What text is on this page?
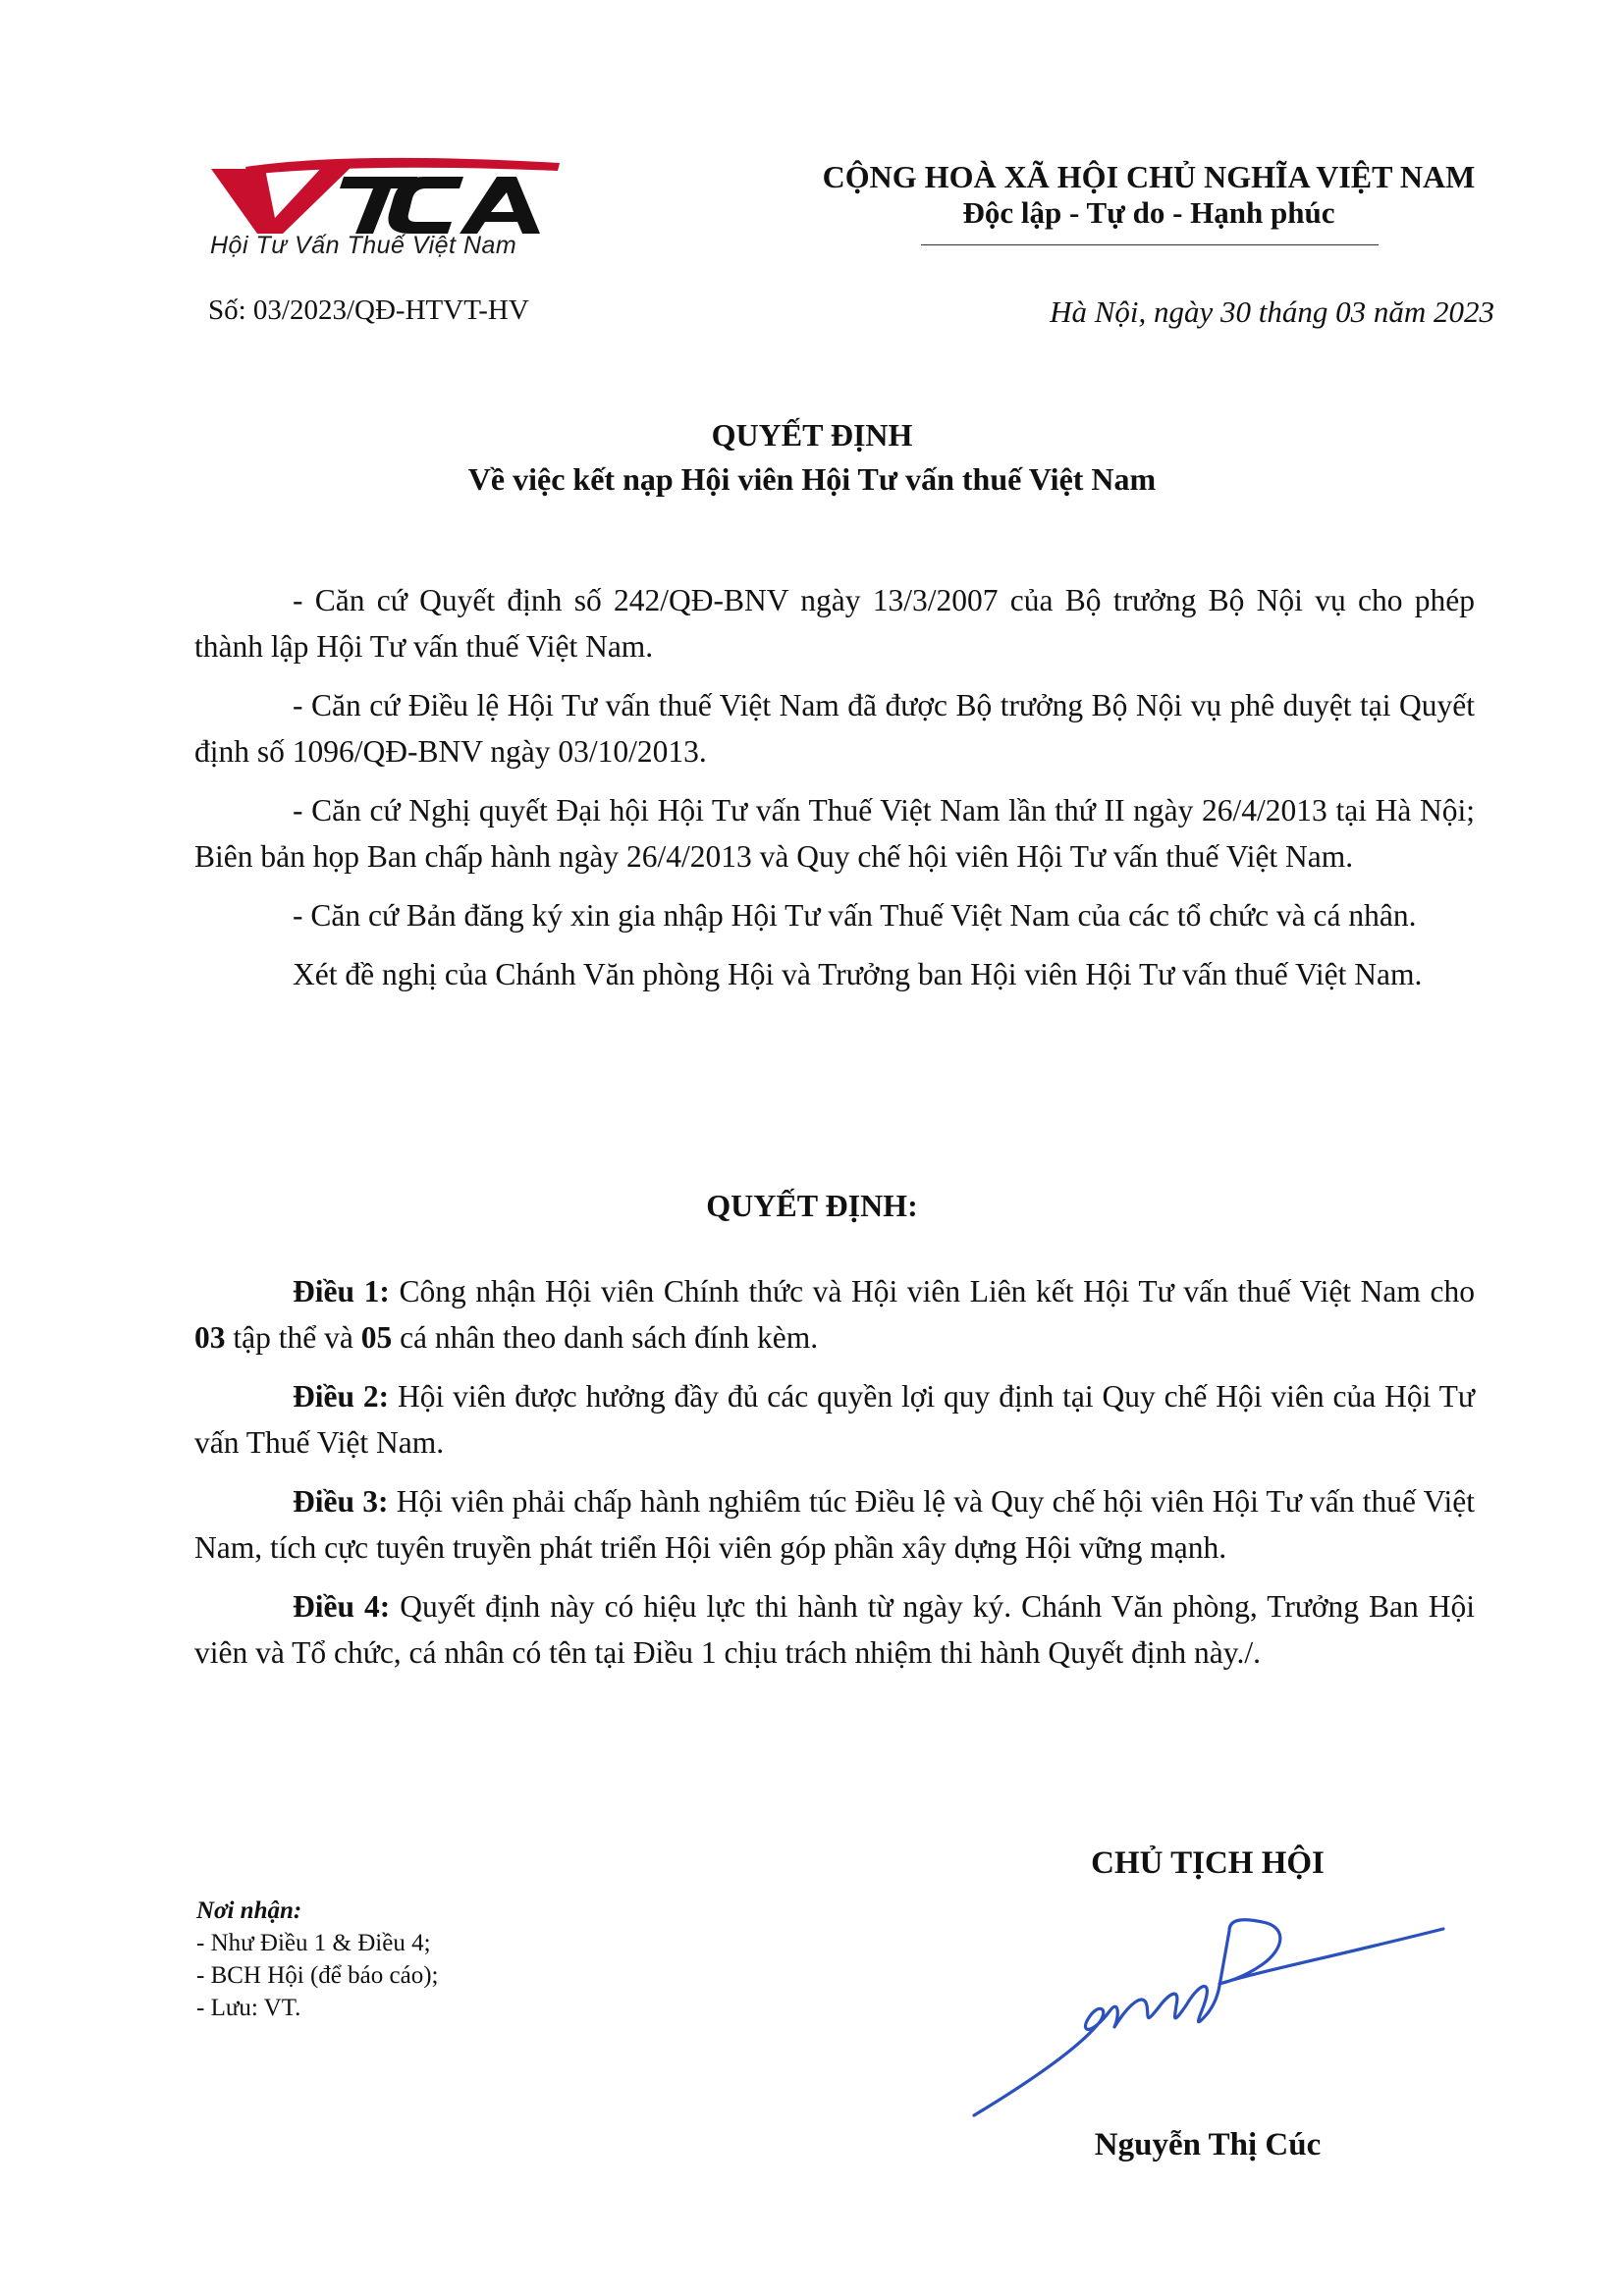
Hội Tư Vấn Thuế Việt Nam
CỘNG HOÀ XÃ HỘI CHỦ NGHĨA VIỆT NAM
Độc lập - Tự do - Hạnh phúc
Số: 03/2023/QĐ-HTVT-HV	Hà Nội, ngày 30 tháng 03 năm 2023
QUYẾT ĐỊNH
Về việc kết nạp Hội viên Hội Tư vấn thuế Việt Nam

- Căn cứ Quyết định số 242/QĐ-BNV ngày 13/3/2007 của Bộ trưởng Bộ Nội vụ cho phép thành lập Hội Tư vấn thuế Việt Nam.

- Căn cứ Điều lệ Hội Tư vấn thuế Việt Nam đã được Bộ trưởng Bộ Nội vụ phê duyệt tại Quyết định số 1096/QĐ-BNV ngày 03/10/2013.

- Căn cứ Nghị quyết Đại hội Hội Tư vấn Thuế Việt Nam lần thứ II ngày 26/4/2013 tại Hà Nội; Biên bản họp Ban chấp hành ngày 26/4/2013 và Quy chế hội viên Hội Tư vấn thuế Việt Nam.

- Căn cứ Bản đăng ký xin gia nhập Hội Tư vấn Thuế Việt Nam của các tổ chức và cá nhân.

Xét đề nghị của Chánh Văn phòng Hội và Trưởng ban Hội viên Hội Tư vấn thuế Việt Nam.

QUYẾT ĐỊNH:

Điều 1: Công nhận Hội viên Chính thức và Hội viên Liên kết Hội Tư vấn thuế Việt Nam cho 03 tập thể và 05 cá nhân theo danh sách đính kèm.

Điều 2: Hội viên được hưởng đầy đủ các quyền lợi quy định tại Quy chế Hội viên của Hội Tư vấn Thuế Việt Nam.

Điều 3: Hội viên phải chấp hành nghiêm túc Điều lệ và Quy chế hội viên Hội Tư vấn thuế Việt Nam, tích cực tuyên truyền phát triển Hội viên góp phần xây dựng Hội vững mạnh.

Điều 4: Quyết định này có hiệu lực thi hành từ ngày ký. Chánh Văn phòng, Trưởng Ban Hội viên và Tổ chức, cá nhân có tên tại Điều 1 chịu trách nhiệm thi hành Quyết định này./.

Nơi nhận:
- Như Điều 1 & Điều 4;
- BCH Hội (để báo cáo);
- Lưu: VT.
CHỦ TỊCH HỘI
Nguyễn Thị Cúc
